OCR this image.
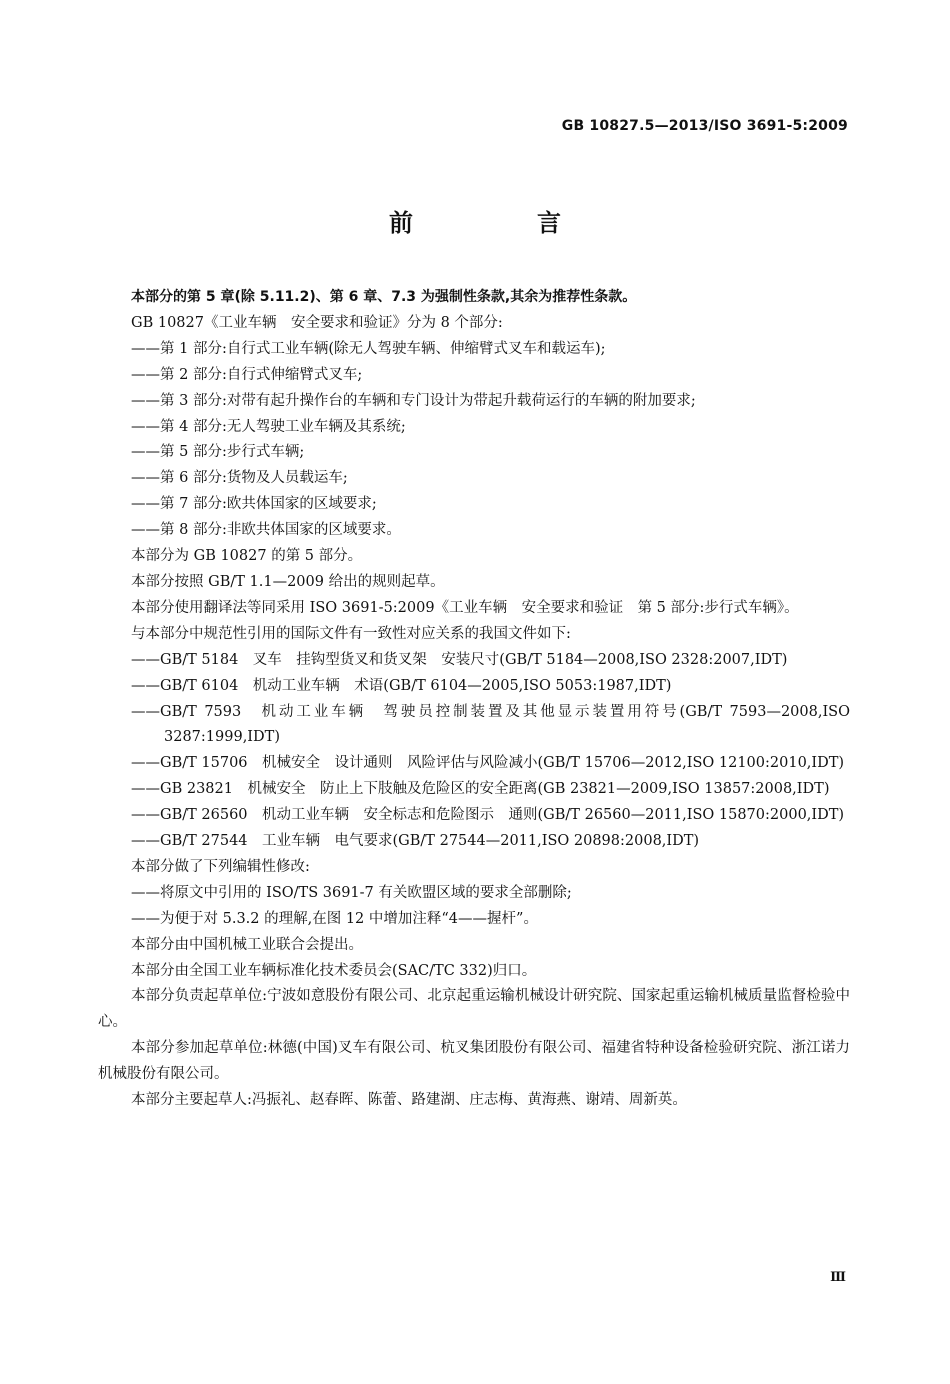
GB 10827.5—2013/ISO 3691-5:2009
前　言

本部分的第 5 章(除 5.11.2)、第 6 章、7.3 为强制性条款,其余为推荐性条款。

GB 10827《工业车辆　安全要求和验证》分为 8 个部分:

—— 第 1 部分:自行式工业车辆(除无人驾驶车辆、伸缩臂式叉车和载运车);

—— 第 2 部分:自行式伸缩臂式叉车;

—— 第 3 部分:对带有起升操作台的车辆和专门设计为带起升载荷运行的车辆的附加要求;

—— 第 4 部分:无人驾驶工业车辆及其系统;

—— 第 5 部分:步行式车辆;

—— 第 6 部分:货物及人员载运车;

—— 第 7 部分:欧共体国家的区域要求;

—— 第 8 部分:非欧共体国家的区域要求。

本部分为 GB 10827 的第 5 部分。

本部分按照 GB/T 1.1—2009 给出的规则起草。

本部分使用翻译法等同采用 ISO 3691-5:2009《工业车辆　安全要求和验证　第 5 部分:步行式车辆》。

与本部分中规范性引用的国际文件有一致性对应关系的我国文件如下:

—— GB/T 5184　叉车　挂钩型货叉和货叉架　安装尺寸(GB/T 5184—2008,ISO 2328:2007,IDT)

—— GB/T 6104　机动工业车辆　术语(GB/T 6104—2005,ISO 5053:1987,IDT)

—— GB/T 7593　机动工业车辆　驾驶员控制装置及其他显示装置用符号(GB/T 7593—2008,ISO 3287:1999,IDT)

—— GB/T 15706　机械安全　设计通则　风险评估与风险减小(GB/T 15706—2012,ISO 12100:2010,IDT)

—— GB 23821　机械安全　防止上下肢触及危险区的安全距离(GB 23821—2009,ISO 13857:2008,IDT)

—— GB/T 26560　机动工业车辆　安全标志和危险图示　通则(GB/T 26560—2011,ISO 15870:2000,IDT)

—— GB/T 27544　工业车辆　电气要求(GB/T 27544—2011,ISO 20898:2008,IDT)

本部分做了下列编辑性修改:

—— 将原文中引用的 ISO/TS 3691-7 有关欧盟区域的要求全部删除;

—— 为便于对 5.3.2 的理解,在图 12 中增加注释“4——握杆”。

本部分由中国机械工业联合会提出。

本部分由全国工业车辆标准化技术委员会(SAC/TC 332)归口。

本部分负责起草单位:宁波如意股份有限公司、北京起重运输机械设计研究院、国家起重运输机械质量监督检验中心。

本部分参加起草单位:林德(中国)叉车有限公司、杭叉集团股份有限公司、福建省特种设备检验研究院、浙江诺力机械股份有限公司。

本部分主要起草人:冯振礼、赵春晖、陈蕾、路建湖、庄志梅、黄海燕、谢靖、周新英。

Ⅲ
